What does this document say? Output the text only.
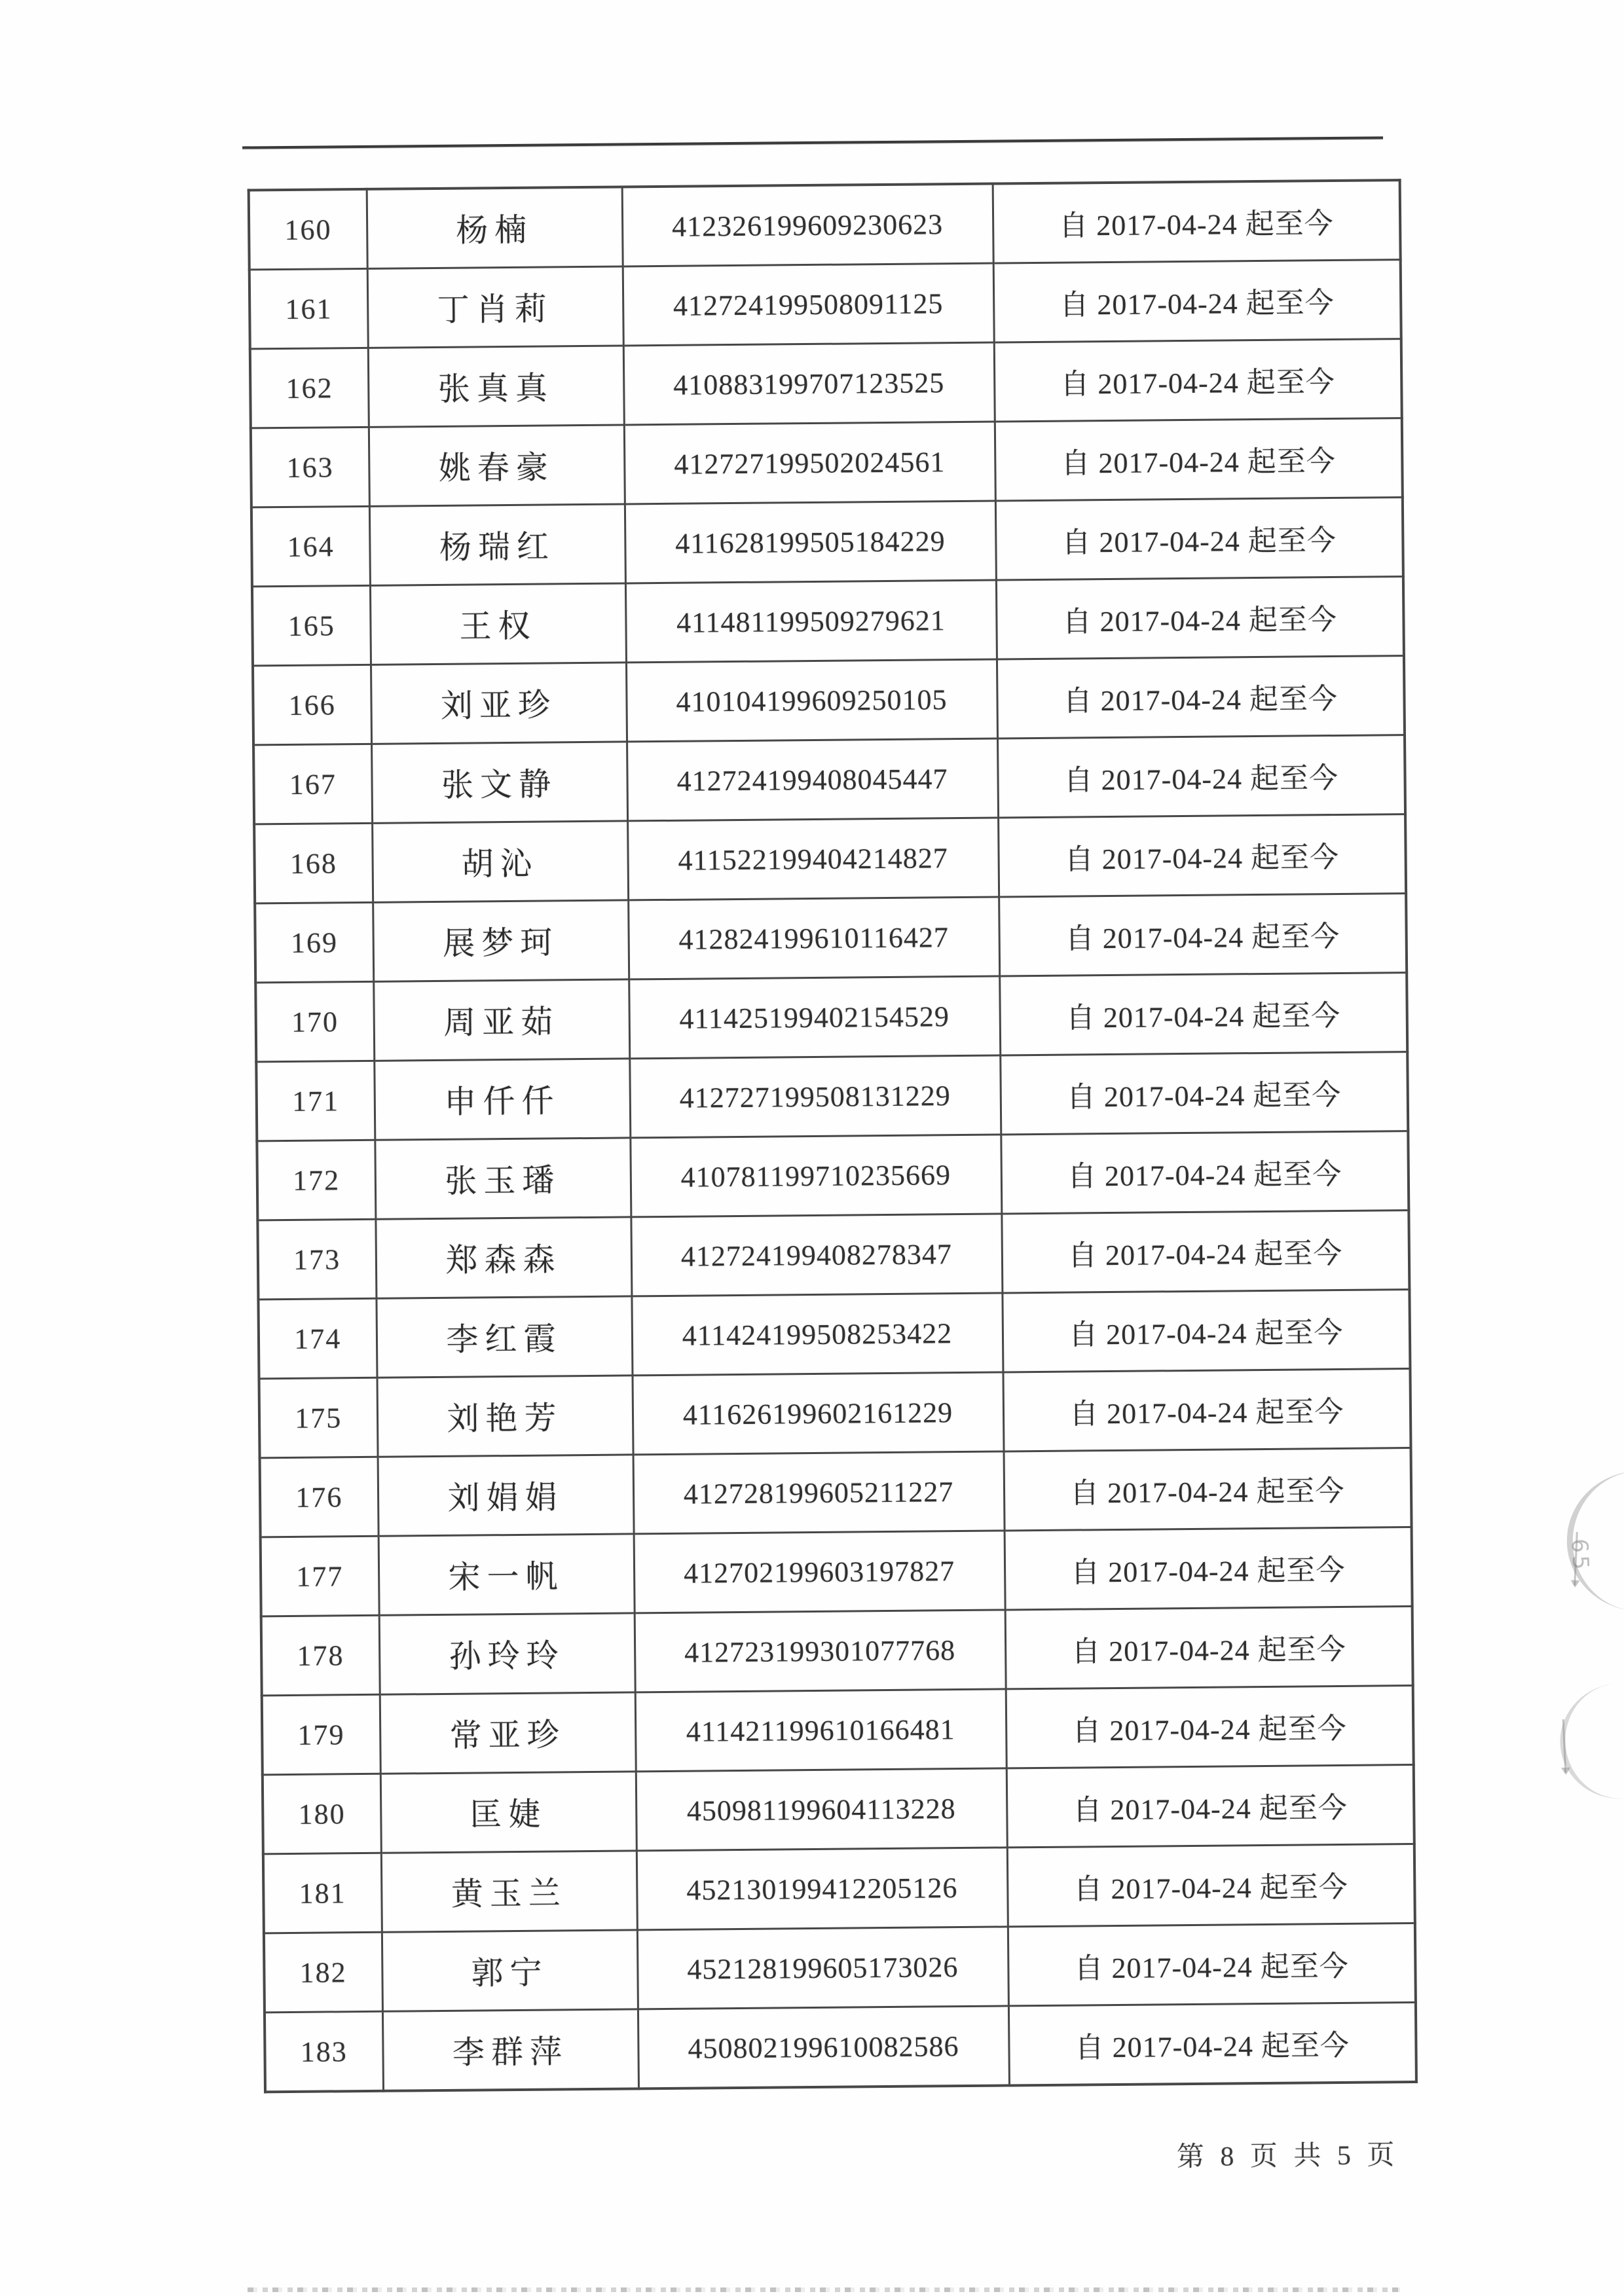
160	杨楠	412326199609230623	自 2017-04-24 起至今
161	丁肖莉	412724199508091125	自 2017-04-24 起至今
162	张真真	410883199707123525	自 2017-04-24 起至今
163	姚春豪	412727199502024561	自 2017-04-24 起至今
164	杨瑞红	411628199505184229	自 2017-04-24 起至今
165	王权	411481199509279621	自 2017-04-24 起至今
166	刘亚珍	410104199609250105	自 2017-04-24 起至今
167	张文静	412724199408045447	自 2017-04-24 起至今
168	胡沁	411522199404214827	自 2017-04-24 起至今
169	展梦珂	412824199610116427	自 2017-04-24 起至今
170	周亚茹	411425199402154529	自 2017-04-24 起至今
171	申仟仟	412727199508131229	自 2017-04-24 起至今
172	张玉璠	410781199710235669	自 2017-04-24 起至今
173	郑森森	412724199408278347	自 2017-04-24 起至今
174	李红霞	411424199508253422	自 2017-04-24 起至今
175	刘艳芳	411626199602161229	自 2017-04-24 起至今
176	刘娟娟	412728199605211227	自 2017-04-24 起至今
177	宋一帆	412702199603197827	自 2017-04-24 起至今
178	孙玲玲	412723199301077768	自 2017-04-24 起至今
179	常亚珍	411421199610166481	自 2017-04-24 起至今
180	匡婕	450981199604113228	自 2017-04-24 起至今
181	黄玉兰	452130199412205126	自 2017-04-24 起至今
182	郭宁	452128199605173026	自 2017-04-24 起至今
183	李群萍	450802199610082586	自 2017-04-24 起至今
第 8 页 共 5 页
65
